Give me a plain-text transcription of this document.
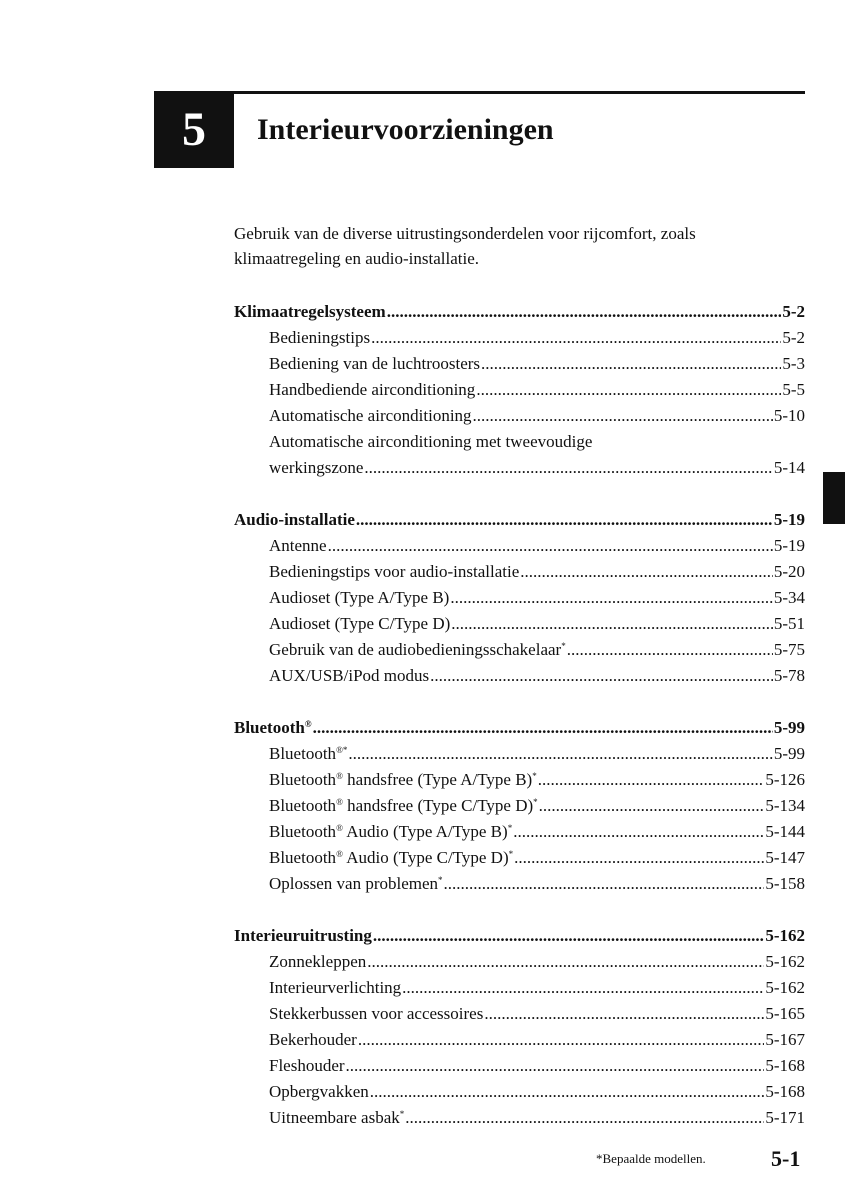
5 Interieurvoorzieningen

Gebruik van de diverse uitrustingsonderdelen voor rijcomfort, zoals klimaatregeling en audio-installatie.

Klimaatregelsysteem .....	5-2
Bedieningstips .....	5-2
Bediening van de luchtroosters .....	5-3
Handbediende airconditioning .....	5-5
Automatische airconditioning .....	5-10
Automatische airconditioning met tweevoudige
werkingszone .....	5-14
Audio-installatie .....	5-19
Antenne .....	5-19
Bedieningstips voor audio-installatie .....	5-20
Audioset (Type A/Type B) .....	5-34
Audioset (Type C/Type D) .....	5-51
Gebruik van de audiobedieningsschakelaar* .....	5-75
AUX/USB/iPod modus .....	5-78
Bluetooth® .....	5-99
Bluetooth®* .....	5-99
Bluetooth® handsfree (Type A/Type B)* .....	5-126
Bluetooth® handsfree (Type C/Type D)* .....	5-134
Bluetooth® Audio (Type A/Type B)* .....	5-144
Bluetooth® Audio (Type C/Type D)* .....	5-147
Oplossen van problemen* .....	5-158
Interieuruitrusting .....	5-162
Zonnekleppen .....	5-162
Interieurverlichting .....	5-162
Stekkerbussen voor accessoires .....	5-165
Bekerhouder .....	5-167
Fleshouder .....	5-168
Opbergvakken .....	5-168
Uitneembare asbak* .....	5-171
*Bepaalde modellen.	5-1
